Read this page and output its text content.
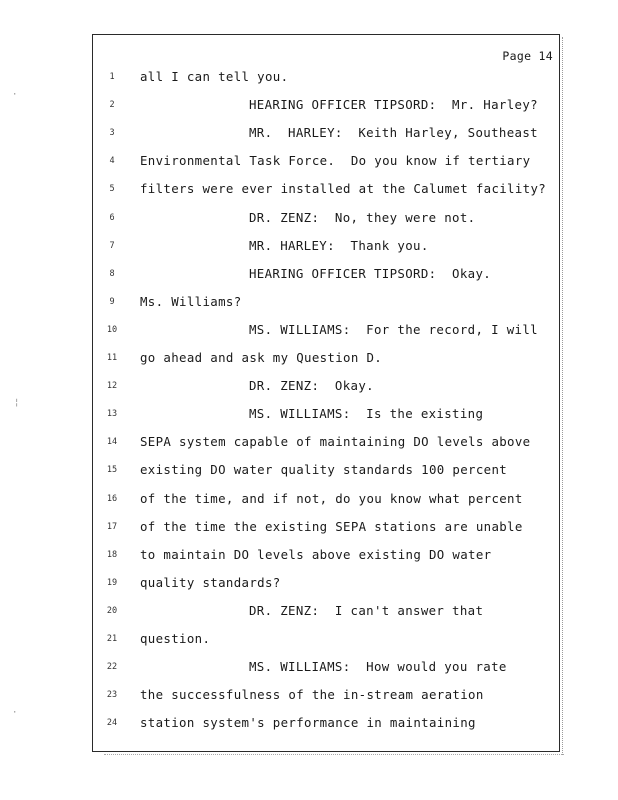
Page 14
1	all I can tell you.
2	HEARING OFFICER TIPSORD:  Mr. Harley?
3	MR.  HARLEY:  Keith Harley, Southeast
4	Environmental Task Force.  Do you know if tertiary
5	filters were ever installed at the Calumet facility?
6	DR. ZENZ:  No, they were not.
7	MR. HARLEY:  Thank you.
8	HEARING OFFICER TIPSORD:  Okay.
9	Ms. Williams?
10	MS. WILLIAMS:  For the record, I will
11	go ahead and ask my Question D.
12	DR. ZENZ:  Okay.
13	MS. WILLIAMS:  Is the existing
14	SEPA system capable of maintaining DO levels above
15	existing DO water quality standards 100 percent
16	of the time, and if not, do you know what percent
17	of the time the existing SEPA stations are unable
18	to maintain DO levels above existing DO water
19	quality standards?
20	DR. ZENZ:  I can't answer that
21	question.
22	MS. WILLIAMS:  How would you rate
23	the successfulness of the in-stream aeration
24	station system's performance in maintaining
·
¦
·
